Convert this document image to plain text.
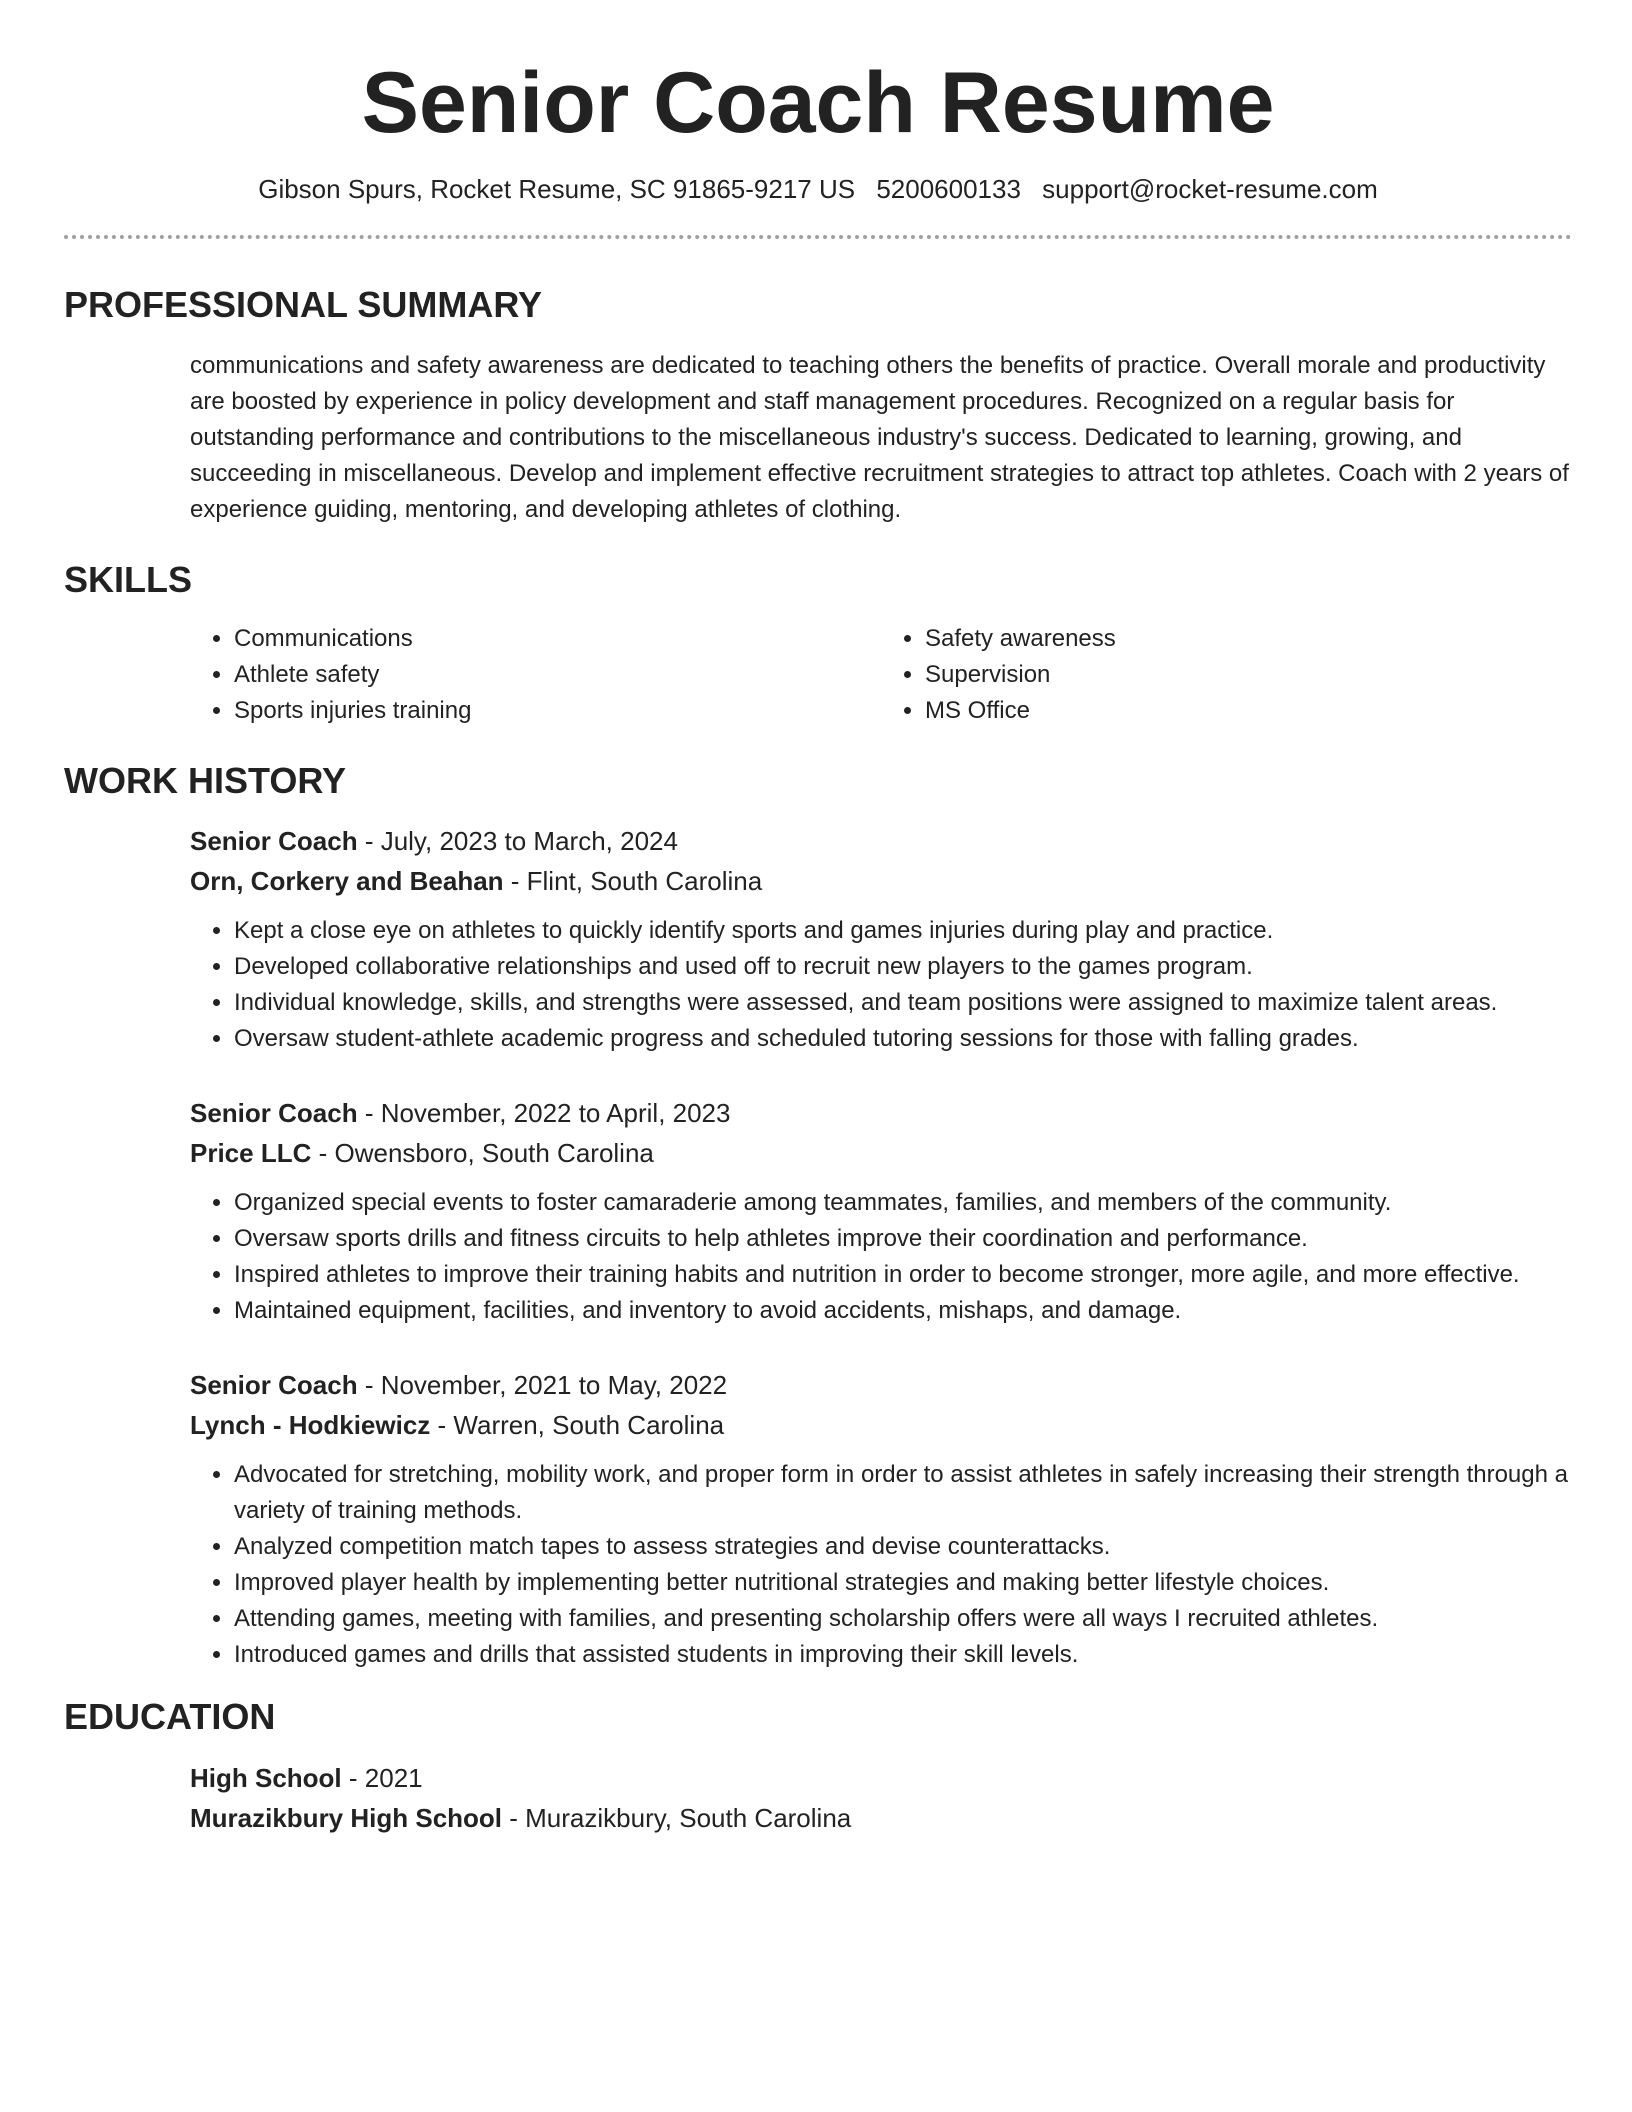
Senior Coach Resume
Gibson Spurs, Rocket Resume, SC 91865-9217 US 5200600133 support@rocket-resume.com
PROFESSIONAL SUMMARY

communications and safety awareness are dedicated to teaching others the benefits of practice. Overall morale and productivity are boosted by experience in policy development and staff management procedures. Recognized on a regular basis for outstanding performance and contributions to the miscellaneous industry's success. Dedicated to learning, growing, and succeeding in miscellaneous. Develop and implement effective recruitment strategies to attract top athletes. Coach with 2 years of experience guiding, mentoring, and developing athletes of clothing.

SKILLS
• Communications
• Athlete safety
• Sports injuries training
• Safety awareness
• Supervision
• MS Office
WORK HISTORY
Senior Coach - July, 2023 to March, 2024
Orn, Corkery and Beahan - Flint, South Carolina
• Kept a close eye on athletes to quickly identify sports and games injuries during play and practice.
• Developed collaborative relationships and used off to recruit new players to the games program.
• Individual knowledge, skills, and strengths were assessed, and team positions were assigned to maximize talent areas.
• Oversaw student-athlete academic progress and scheduled tutoring sessions for those with falling grades.
Senior Coach - November, 2022 to April, 2023
Price LLC - Owensboro, South Carolina
• Organized special events to foster camaraderie among teammates, families, and members of the community.
• Oversaw sports drills and fitness circuits to help athletes improve their coordination and performance.
• Inspired athletes to improve their training habits and nutrition in order to become stronger, more agile, and more effective.
• Maintained equipment, facilities, and inventory to avoid accidents, mishaps, and damage.
Senior Coach - November, 2021 to May, 2022
Lynch - Hodkiewicz - Warren, South Carolina
• Advocated for stretching, mobility work, and proper form in order to assist athletes in safely increasing their strength through a variety of training methods.
• Analyzed competition match tapes to assess strategies and devise counterattacks.
• Improved player health by implementing better nutritional strategies and making better lifestyle choices.
• Attending games, meeting with families, and presenting scholarship offers were all ways I recruited athletes.
• Introduced games and drills that assisted students in improving their skill levels.
EDUCATION
High School - 2021
Murazikbury High School - Murazikbury, South Carolina
